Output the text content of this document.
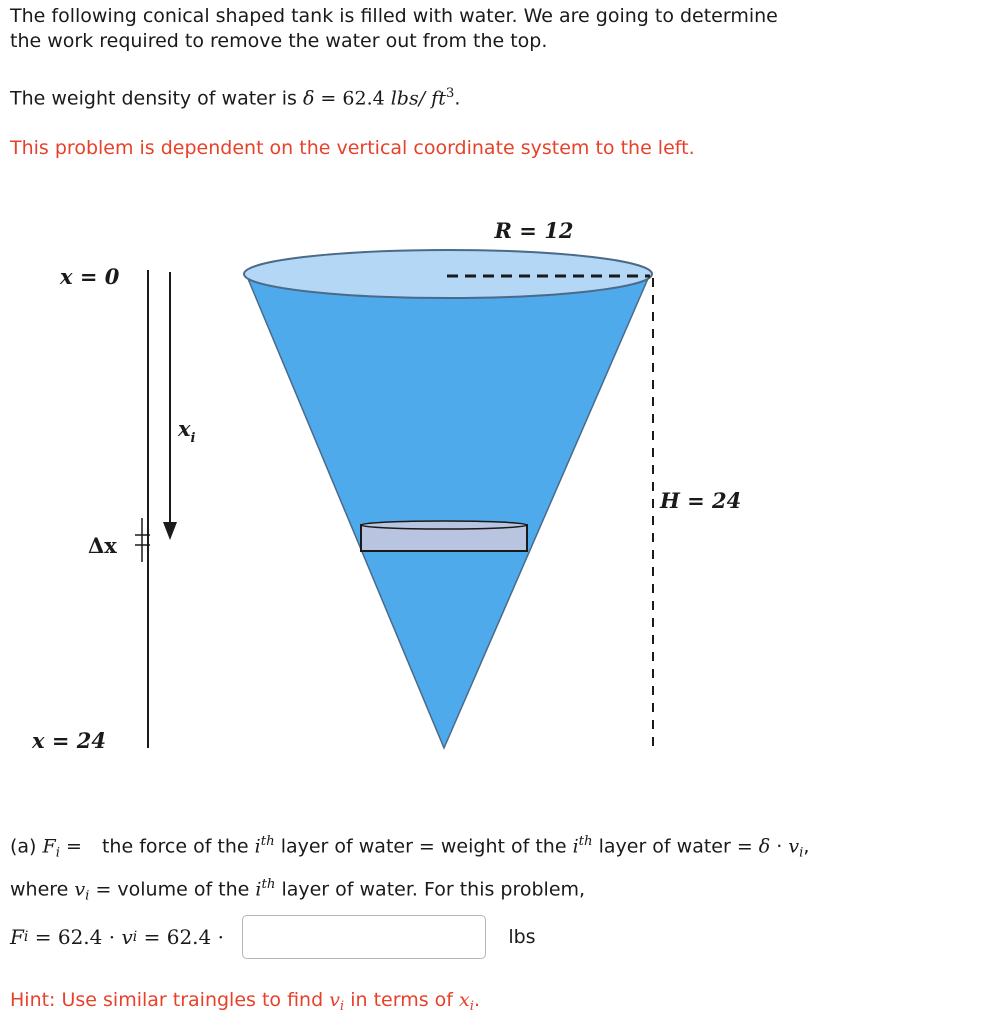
The following conical shaped tank is filled with water. We are going to determine
the work required to remove the water out from the top.
The weight density of water is δ = 62.4 lbs/ $ft^3$.
This problem is dependent on the vertical coordinate system to the left.
R = 12
H = 24
x = 0
x = 24
$x_i$
Δx
(a) $F_i$ = the force of the $i^{th}$ layer of water = weight of the $i^{th}$ layer of water = $\delta \cdot v_i$,
where $v_i$ = volume of the $i^{th}$ layer of water. For this problem,
F i = 62.4 · v i = 62.4 ·	lbs
Hint: Use similar traingles to find $v_i$ in terms of $x_i$.
